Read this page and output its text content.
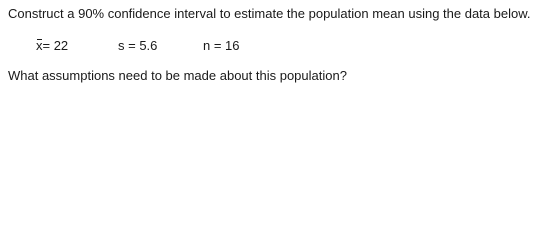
Construct a 90% confidence interval to estimate the population mean using the data below.
x= 22	s = 5.6	n = 16
What assumptions need to be made about this population?
